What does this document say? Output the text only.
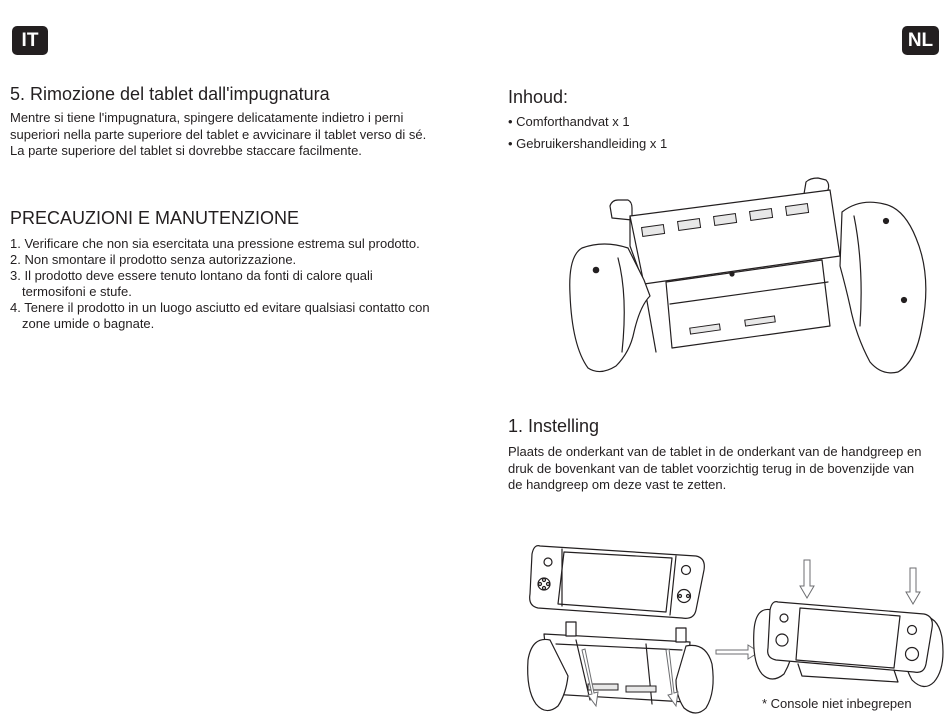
IT	NL
5. Rimozione del tablet dall'impugnatura

Mentre si tiene l'impugnatura, spingere delicatamente indietro i perni
superiori nella parte superiore del tablet e avvicinare il tablet verso di sé.
La parte superiore del tablet si dovrebbe staccare facilmente.

PRECAUZIONI E MANUTENZIONE
1. Verificare che non sia esercitata una pressione estrema sul prodotto.
2. Non smontare il prodotto senza autorizzazione.
3. Il prodotto deve essere tenuto lontano da fonti di calore quali termosifoni e stufe.
4. Tenere il prodotto in un luogo asciutto ed evitare qualsiasi contatto con zone umide o bagnate.
Inhoud:
• Comforthandvat x 1
• Gebruikershandleiding x 1
1. Instelling

Plaats de onderkant van de tablet in de onderkant van de handgreep en
druk de bovenkant van de tablet voorzichtig terug in de bovenzijde van
de handgreep om deze vast te zetten.

* Console niet inbegrepen
